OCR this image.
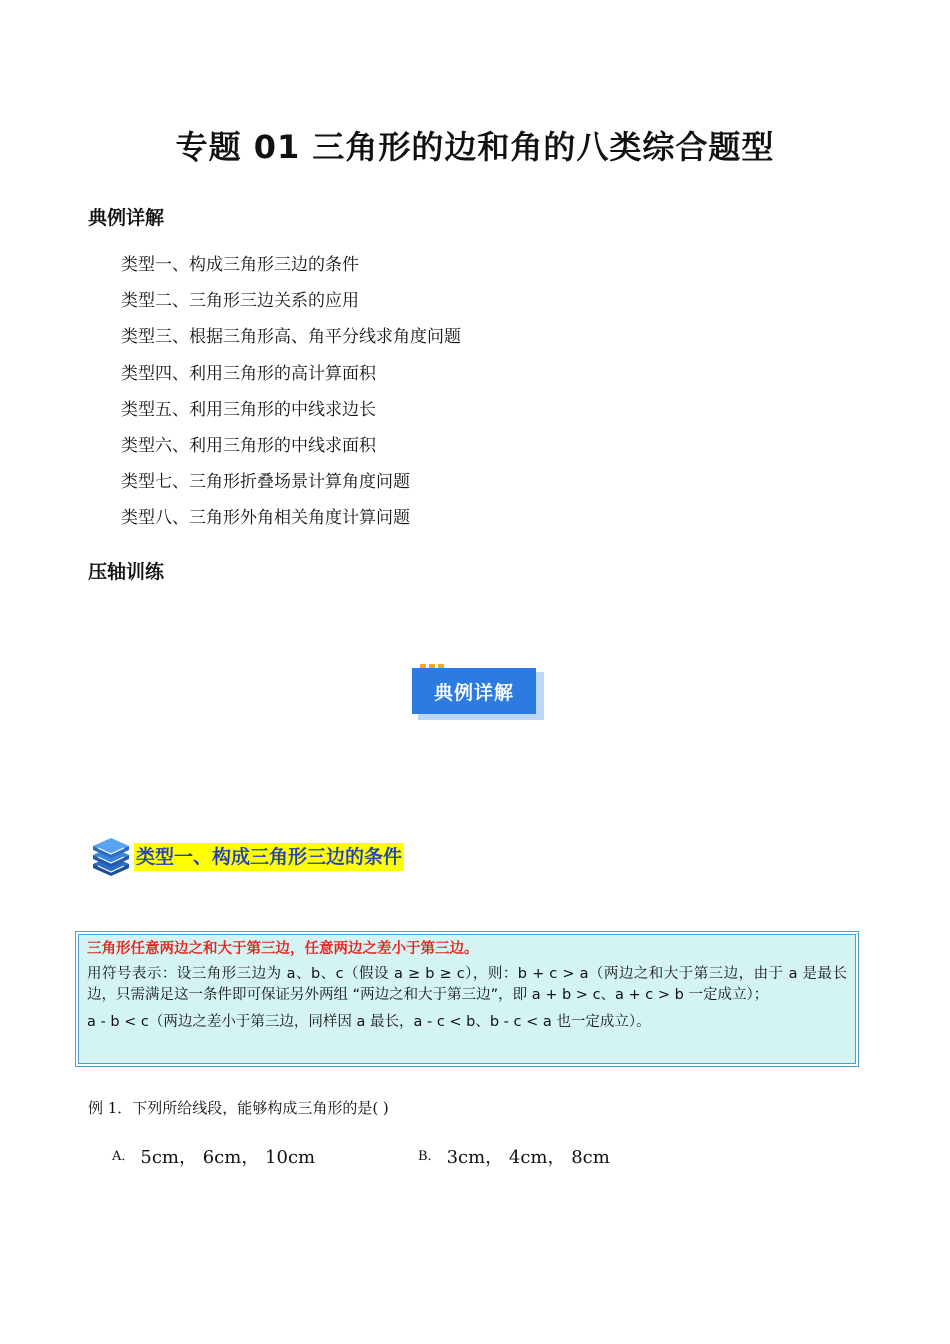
专题 01 三角形的边和角的八类综合题型
典例详解
类型一、构成三角形三边的条件
类型二、三角形三边关系的应用
类型三、根据三角形高、角平分线求角度问题
类型四、利用三角形的高计算面积
类型五、利用三角形的中线求边长
类型六、利用三角形的中线求面积
类型七、三角形折叠场景计算角度问题
类型八、三角形外角相关角度计算问题
压轴训练
典例详解
类型一、构成三角形三边的条件

三角形任意两边之和大于第三边，任意两边之差小于第三边。

用符号表示：设三角形三边为 a、b、c（假设 a ≥ b ≥ c），则：b + c > a（两边之和大于第三边，由于 a 是最长边，只需满足这一条件即可保证另外两组 “两边之和大于第三边”，即 a + b > c、a + c > b 一定成立）；

a - b < c（两边之差小于第三边，同样因 a 最长，a - c < b、b - c < a 也一定成立）。

例 1．下列所给线段，能够构成三角形的是( )

A． 5cm， 6cm， 10cm	B． 3cm， 4cm， 8cm
